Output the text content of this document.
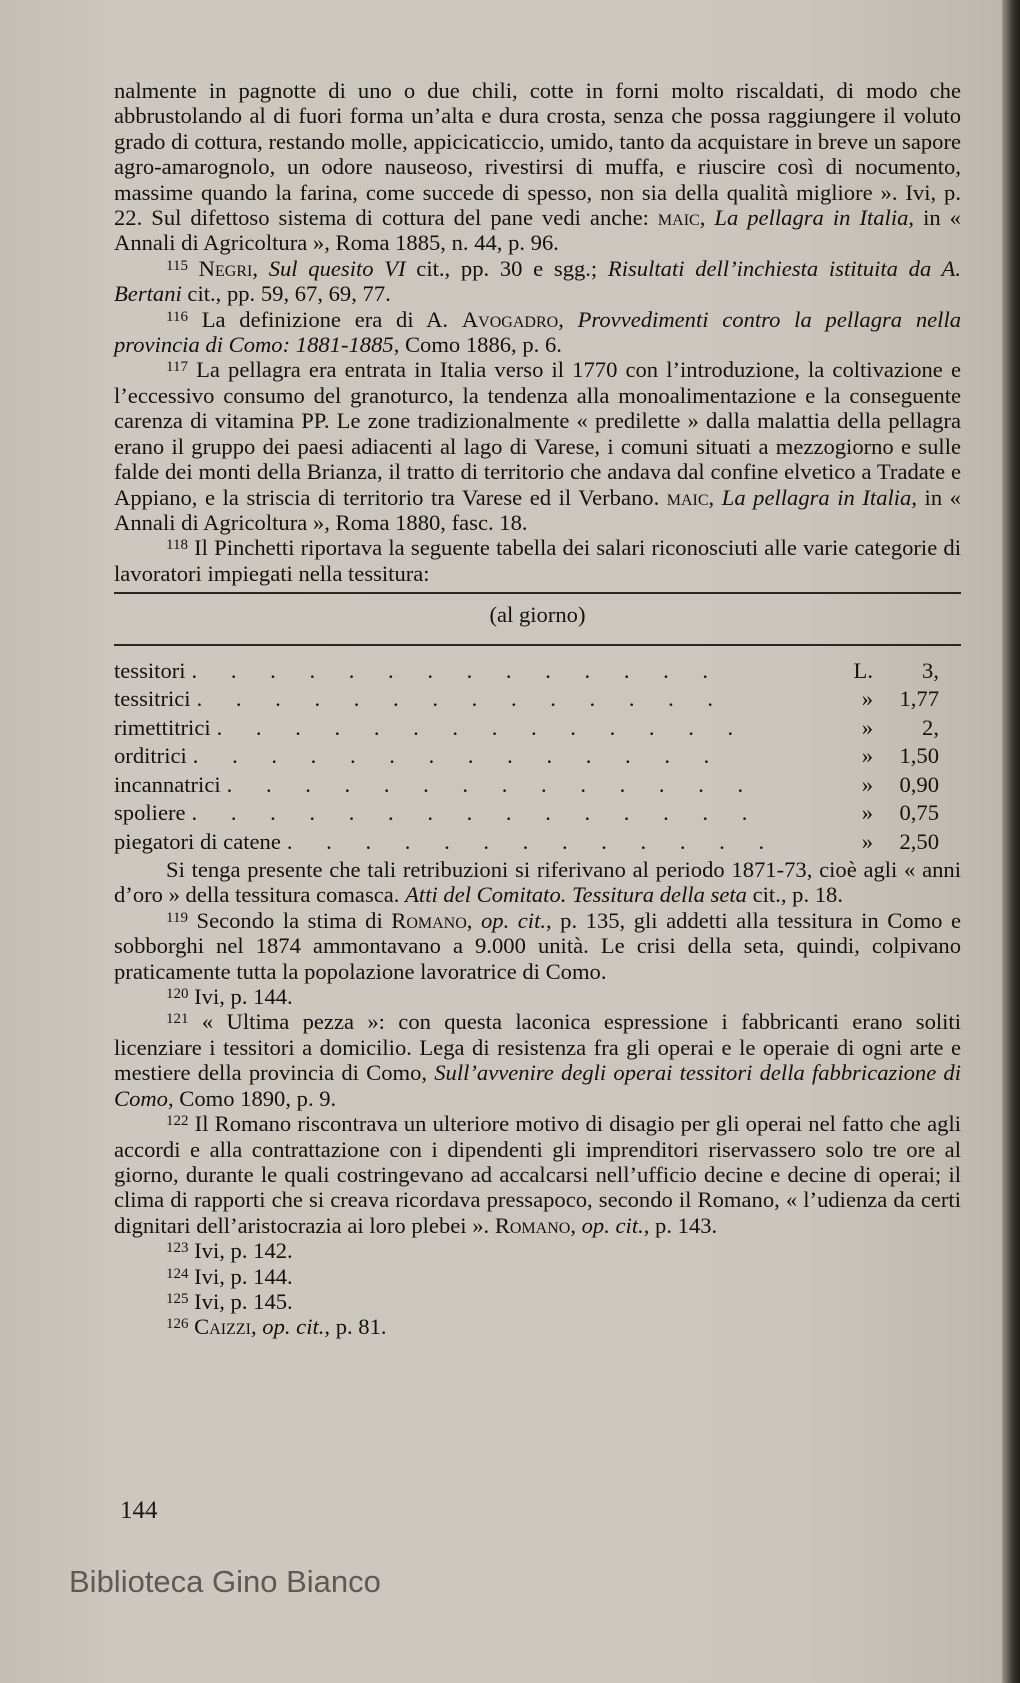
nalmente in pagnotte di uno o due chili, cotte in forni molto riscaldati, di modo che abbrustolando al di fuori forma un’alta e dura crosta, senza che possa raggiungere il voluto grado di cottura, restando molle, appicicaticcio, umido, tanto da acquistare in breve un sapore agro-amarognolo, un odore nauseoso, rivestirsi di muffa, e riuscire così di nocumento, massime quando la farina, come succede di spesso, non sia della qualità migliore ». Ivi, p. 22. Sul difettoso sistema di cottura del pane vedi anche: maic, La pellagra in Italia, in « Annali di Agricoltura », Roma 1885, n. 44, p. 96.

$^{115}$ Negri, Sul quesito VI cit., pp. 30 e sgg.; Risultati dell’inchiesta istituita da A. Bertani cit., pp. 59, 67, 69, 77.

$^{116}$ La definizione era di A. Avogadro, Provvedimenti contro la pellagra nella provincia di Como: 1881-1885, Como 1886, p. 6.

$^{117}$ La pellagra era entrata in Italia verso il 1770 con l’introduzione, la coltivazione e l’eccessivo consumo del granoturco, la tendenza alla monoalimentazione e la conseguente carenza di vitamina PP. Le zone tradizionalmente « predilette » dalla malattia della pellagra erano il gruppo dei paesi adiacenti al lago di Varese, i comuni situati a mezzogiorno e sulle falde dei monti della Brianza, il tratto di territorio che andava dal confine elvetico a Tradate e Appiano, e la striscia di territorio tra Varese ed il Verbano. maic, La pellagra in Italia, in « Annali di Agricoltura », Roma 1880, fasc. 18.

$^{118}$ Il Pinchetti riportava la seguente tabella dei salari riconosciuti alle varie categorie di lavoratori impiegati nella tessitura:

(al giorno)
tessitori . . . . . . . . . . . . . .	L.	3,
tessitrici . . . . . . . . . . . . . .	»	1,77
rimettitrici . . . . . . . . . . . . . .	»	2,
orditrici . . . . . . . . . . . . . .	»	1,50
incannatrici . . . . . . . . . . . . . .	»	0,90
spoliere . . . . . . . . . . . . . . .	»	0,75
piegatori di catene . . . . . . . . . . . . .	»	2,50

Si tenga presente che tali retribuzioni si riferivano al periodo 1871-73, cioè agli « anni d’oro » della tessitura comasca. Atti del Comitato. Tessitura della seta cit., p. 18.

$^{119}$ Secondo la stima di Romano, op. cit., p. 135, gli addetti alla tessitura in Como e sobborghi nel 1874 ammontavano a 9.000 unità. Le crisi della seta, quindi, colpivano praticamente tutta la popolazione lavoratrice di Como.

$^{120}$ Ivi, p. 144.

$^{121}$ « Ultima pezza »: con questa laconica espressione i fabbricanti erano soliti licenziare i tessitori a domicilio. Lega di resistenza fra gli operai e le operaie di ogni arte e mestiere della provincia di Como, Sull’avvenire degli operai tessitori della fabbricazione di Como, Como 1890, p. 9.

$^{122}$ Il Romano riscontrava un ulteriore motivo di disagio per gli operai nel fatto che agli accordi e alla contrattazione con i dipendenti gli imprenditori riservassero solo tre ore al giorno, durante le quali costringevano ad accalcarsi nell’ufficio decine e decine di operai; il clima di rapporti che si creava ricordava pressapoco, secondo il Romano, « l’udienza da certi dignitari dell’aristocrazia ai loro plebei ». Romano, op. cit., p. 143.

$^{123}$ Ivi, p. 142.

$^{124}$ Ivi, p. 144.

$^{125}$ Ivi, p. 145.

$^{126}$ Caizzi, op. cit., p. 81.

144
Biblioteca Gino Bianco
